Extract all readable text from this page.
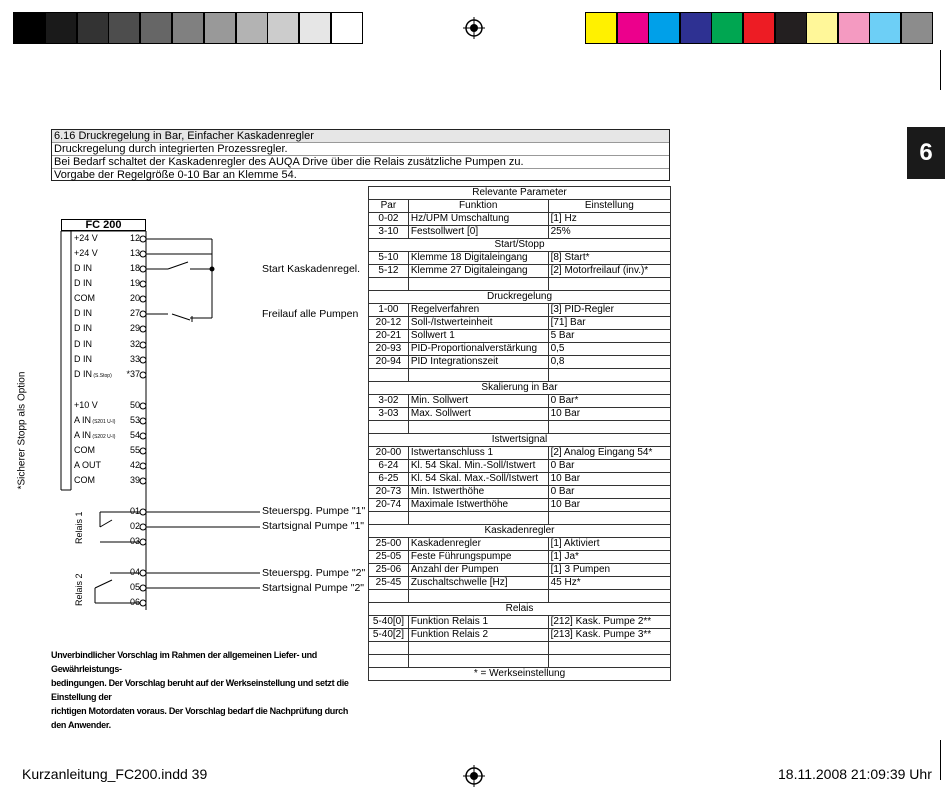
6
6.16 Druckregelung in Bar, Einfacher Kaskadenregler
Druckregelung durch integrierten Prozessregler.
Bei Bedarf schaltet der Kaskadenregler des AUQA Drive über die Relais zusätzliche Pumpen zu.
Vorgabe der Regelgröße 0-10 Bar an Klemme 54.
FC 200
+24 V	12
+24 V	13
D IN	18
D IN	19
COM	20
D IN	27
D IN	29
D IN	32
D IN	33
D IN (S.Stop)	*37
+10 V	50
A IN (S201 U-I)	53
A IN (S202 U-I)	54
COM	55
A OUT	42
COM	39
01
02
03
04
05
06
*Sicherer Stopp als Option
Relais 1
Relais 2
Start Kaskadenregel.
Freilauf alle Pumpen
Steuerspg. Pumpe "1"
Startsignal Pumpe "1"
Steuerspg. Pumpe "2"
Startsignal Pumpe "2"
Relevante Parameter		
Par	Funktion	Einstellung
0-02	Hz/UPM Umschaltung	[1] Hz
3-10	Festsollwert [0]	25%
Start/Stopp		
5-10	Klemme 18 Digitaleingang	[8] Start*
5-12	Klemme 27 Digitaleingang	[2] Motorfreilauf (inv.)*

Druckregelung		
1-00	Regelverfahren	[3] PID-Regler
20-12	Soll-/Istwerteinheit	[71] Bar
20-21	Sollwert 1	5 Bar
20-93	PID-Proportionalverstärkung	0,5
20-94	PID Integrationszeit	0,8

Skalierung in Bar		
3-02	Min. Sollwert	0 Bar*
3-03	Max. Sollwert	10 Bar

Istwertsignal		
20-00	Istwertanschluss 1	[2] Analog Eingang 54*
6-24	Kl. 54 Skal. Min.-Soll/Istwert	0 Bar
6-25	Kl. 54 Skal. Max.-Soll/Istwert	10 Bar
20-73	Min. Istwerthöhe	0 Bar
20-74	Maximale Istwerthöhe	10 Bar

Kaskadenregler		
25-00	Kaskadenregler	[1] Aktiviert
25-05	Feste Führungspumpe	[1] Ja*
25-06	Anzahl der Pumpen	[1] 3 Pumpen
25-45	Zuschaltschwelle [Hz]	45 Hz*

Relais		
5-40[0]	Funktion Relais 1	[212] Kask. Pumpe 2**
5-40[2]	Funktion Relais 2	[213] Kask. Pumpe 3**

* = Werkseinstellung		
Unverbindlicher Vorschlag im Rahmen der allgemeinen Liefer- und Gewährleistungs-
bedingungen. Der Vorschlag beruht auf der Werkseinstellung und setzt die Einstellung der
richtigen Motordaten voraus. Der Vorschlag bedarf die Nachprüfung durch den Anwender.
Kurzanleitung_FC200.indd 39	18.11.2008 21:09:39 Uhr
